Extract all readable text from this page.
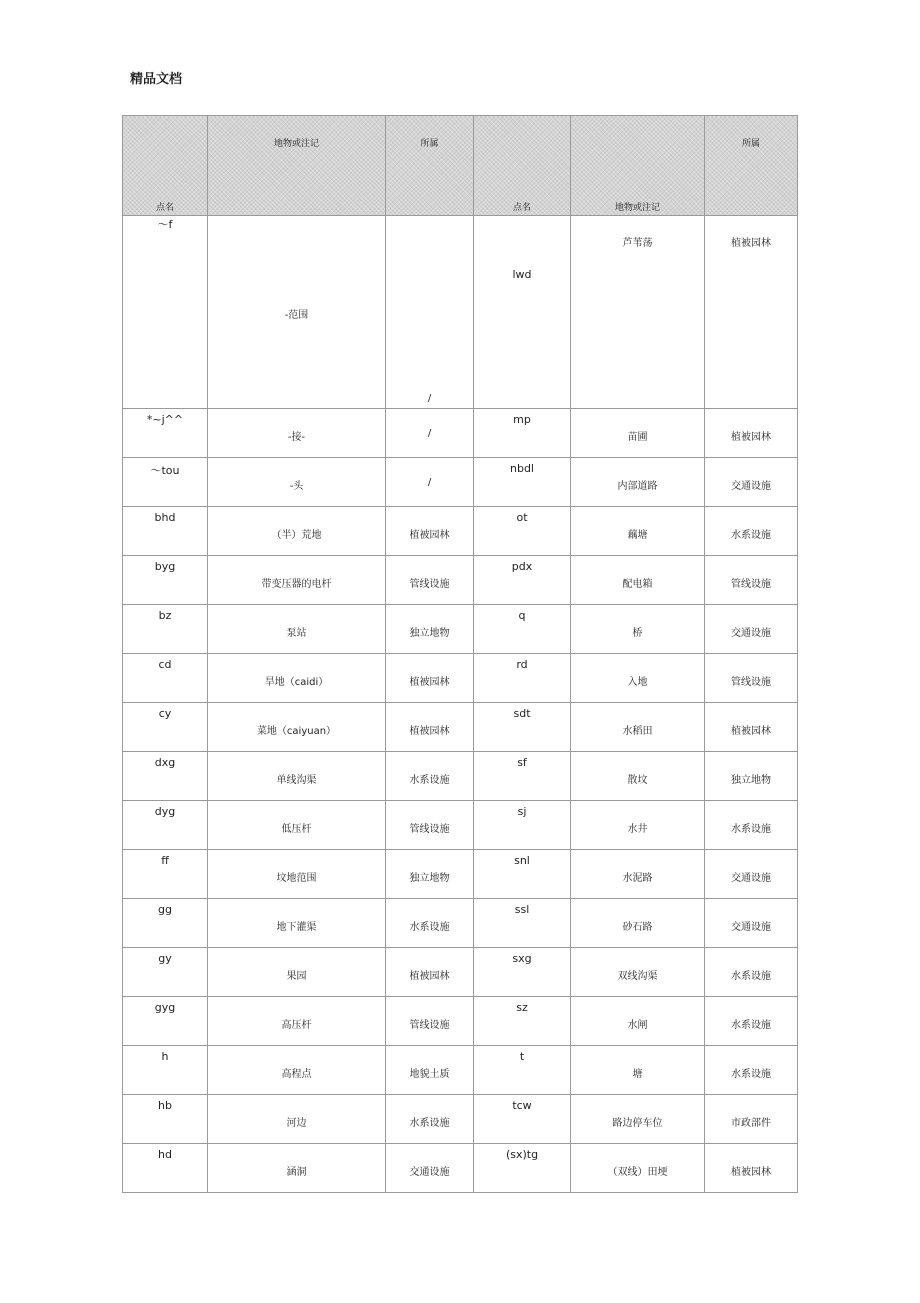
精品文档
点名	地物或注记	所属	点名	地物或注记	所属

～f	-范围	/	lwd	芦苇荡	植被园林

*~j^^	-接-	/	mp	苗圃	植被园林

～tou	-头	/	nbdl	内部道路	交通设施

bhd	（半）荒地	植被园林	ot	藕塘	水系设施

byg	带变压器的电杆	管线设施	pdx	配电箱	管线设施

bz	泵站	独立地物	q	桥	交通设施

cd	旱地（caidi）	植被园林	rd	入地	管线设施

cy	菜地（caiyuan）	植被园林	sdt	水稻田	植被园林

dxg	单线沟渠	水系设施	sf	散坟	独立地物

dyg	低压杆	管线设施	sj	水井	水系设施

ff	坟地范围	独立地物	snl	水泥路	交通设施

gg	地下灌渠	水系设施	ssl	砂石路	交通设施

gy	果园	植被园林	sxg	双线沟渠	水系设施

gyg	高压杆	管线设施	sz	水闸	水系设施

h	高程点	地貌土质	t	塘	水系设施

hb	河边	水系设施	tcw	路边停车位	市政部件

hd	涵洞	交通设施	(sx)tg	（双线）田埂	植被园林
